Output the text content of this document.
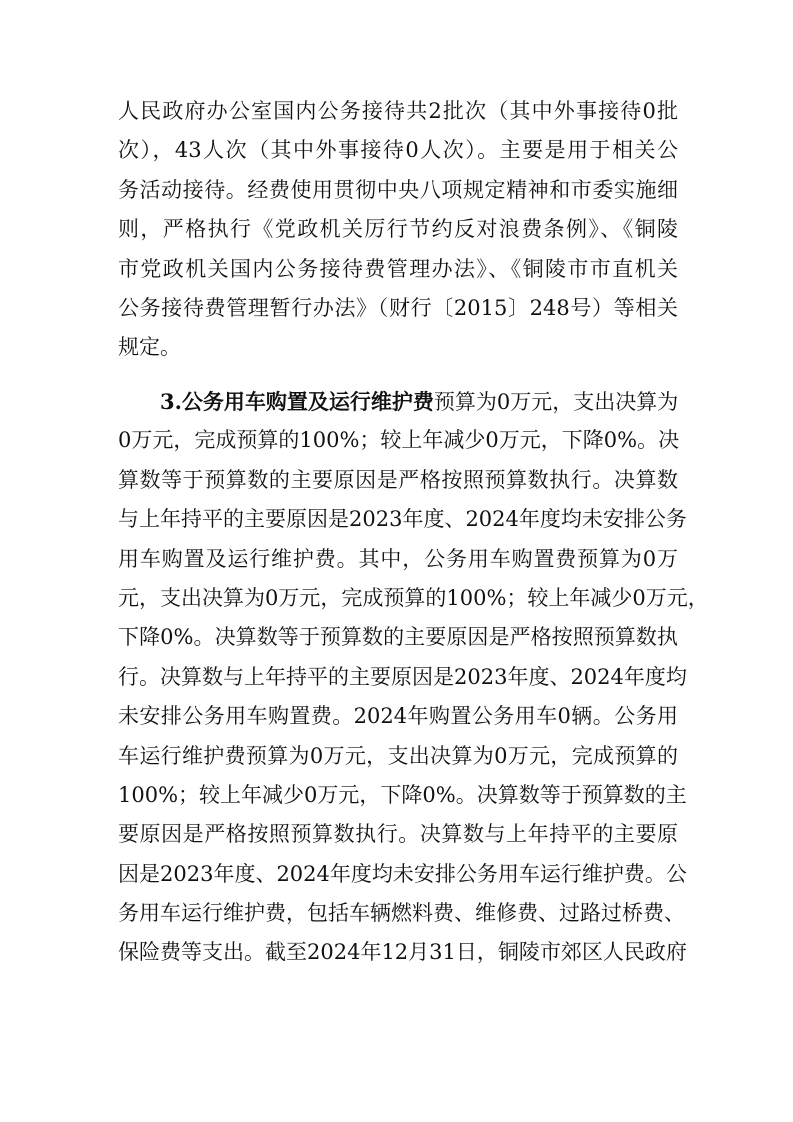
人民政府办公室国内公务接待共2批次（其中外事接待0批
次），43人次（其中外事接待0人次）。主要是用于相关公
务活动接待。经费使用贯彻中央八项规定精神和市委实施细
则，严格执行《党政机关厉行节约反对浪费条例》、《铜陵
市党政机关国内公务接待费管理办法》、《铜陵市市直机关
公务接待费管理暂行办法》（财行〔2015〕248号）等相关
规定。
3.公务用车购置及运行维护费预算为0万元，支出决算为
0万元，完成预算的100%；较上年减少0万元，下降0%。决
算数等于预算数的主要原因是严格按照预算数执行。决算数
与上年持平的主要原因是2023年度、2024年度均未安排公务
用车购置及运行维护费。其中，公务用车购置费预算为0万
元，支出决算为0万元，完成预算的100%；较上年减少0万元，
下降0%。决算数等于预算数的主要原因是严格按照预算数执
行。决算数与上年持平的主要原因是2023年度、2024年度均
未安排公务用车购置费。2024年购置公务用车0辆。公务用
车运行维护费预算为0万元，支出决算为0万元，完成预算的
100%；较上年减少0万元，下降0%。决算数等于预算数的主
要原因是严格按照预算数执行。决算数与上年持平的主要原
因是2023年度、2024年度均未安排公务用车运行维护费。公
务用车运行维护费，包括车辆燃料费、维修费、过路过桥费、
保险费等支出。截至2024年12月31日，铜陵市郊区人民政府
